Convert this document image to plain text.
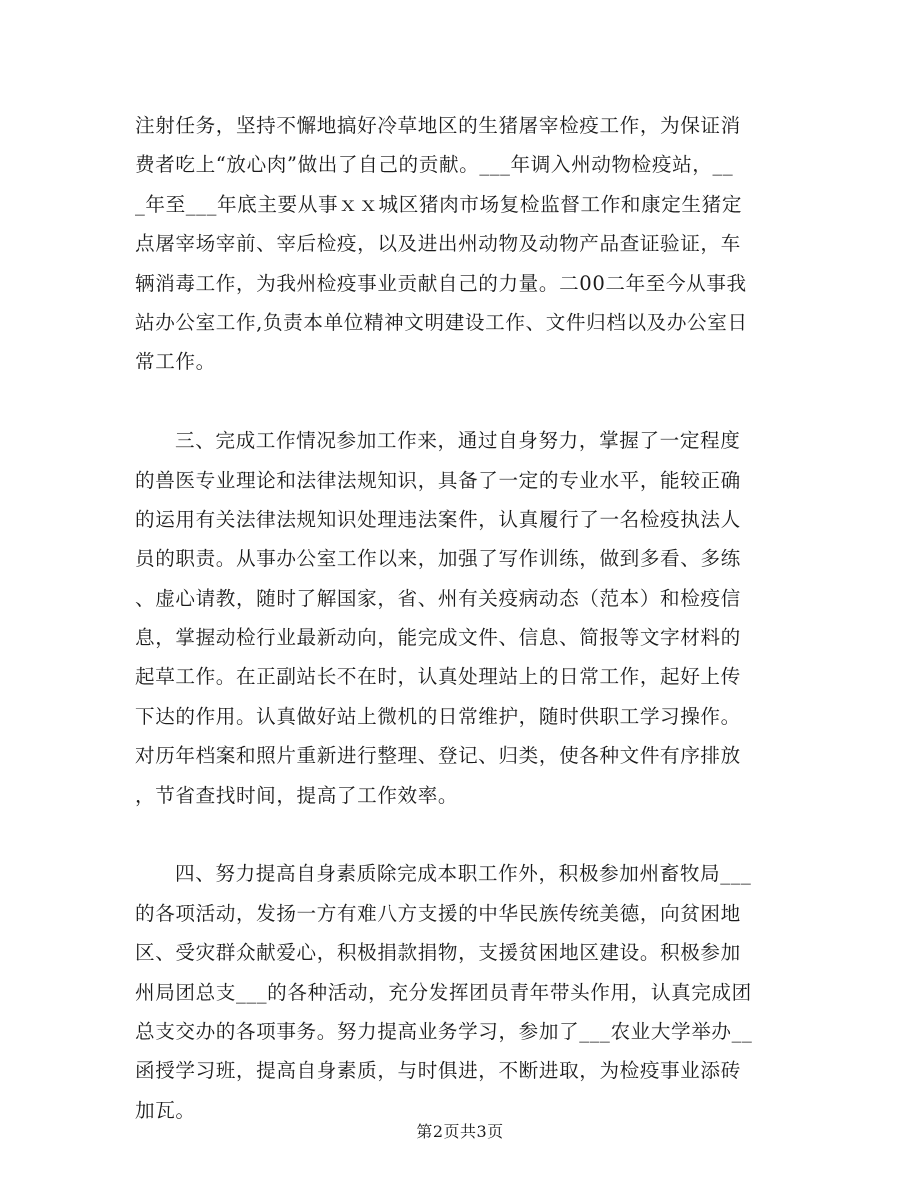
注射任务，坚持不懈地搞好冷草地区的生猪屠宰检疫工作，为保证消
费者吃上“放心肉”做出了自己的贡献。___年调入州动物检疫站，__
_年至___年底主要从事ｘｘ城区猪肉市场复检监督工作和康定生猪定
点屠宰场宰前、宰后检疫，以及进出州动物及动物产品查证验证，车
辆消毒工作，为我州检疫事业贡献自己的力量。二00二年至今从事我
站办公室工作,负责本单位精神文明建设工作、文件归档以及办公室日
常工作。
三、完成工作情况参加工作来，通过自身努力，掌握了一定程度
的兽医专业理论和法律法规知识，具备了一定的专业水平，能较正确
的运用有关法律法规知识处理违法案件，认真履行了一名检疫执法人
员的职责。从事办公室工作以来，加强了写作训练，做到多看、多练
、虚心请教，随时了解国家，省、州有关疫病动态（范本）和检疫信
息，掌握动检行业最新动向，能完成文件、信息、简报等文字材料的
起草工作。在正副站长不在时，认真处理站上的日常工作，起好上传
下达的作用。认真做好站上微机的日常维护，随时供职工学习操作。
对历年档案和照片重新进行整理、登记、归类，使各种文件有序排放
，节省查找时间，提高了工作效率。
四、努力提高自身素质除完成本职工作外，积极参加州畜牧局___
的各项活动，发扬一方有难八方支援的中华民族传统美德，向贫困地
区、受灾群众献爱心，积极捐款捐物，支援贫困地区建设。积极参加
州局团总支___的各种活动，充分发挥团员青年带头作用，认真完成团
总支交办的各项事务。努力提高业务学习，参加了___农业大学举办__
函授学习班，提高自身素质，与时俱进，不断进取，为检疫事业添砖
加瓦。
第2页共3页
